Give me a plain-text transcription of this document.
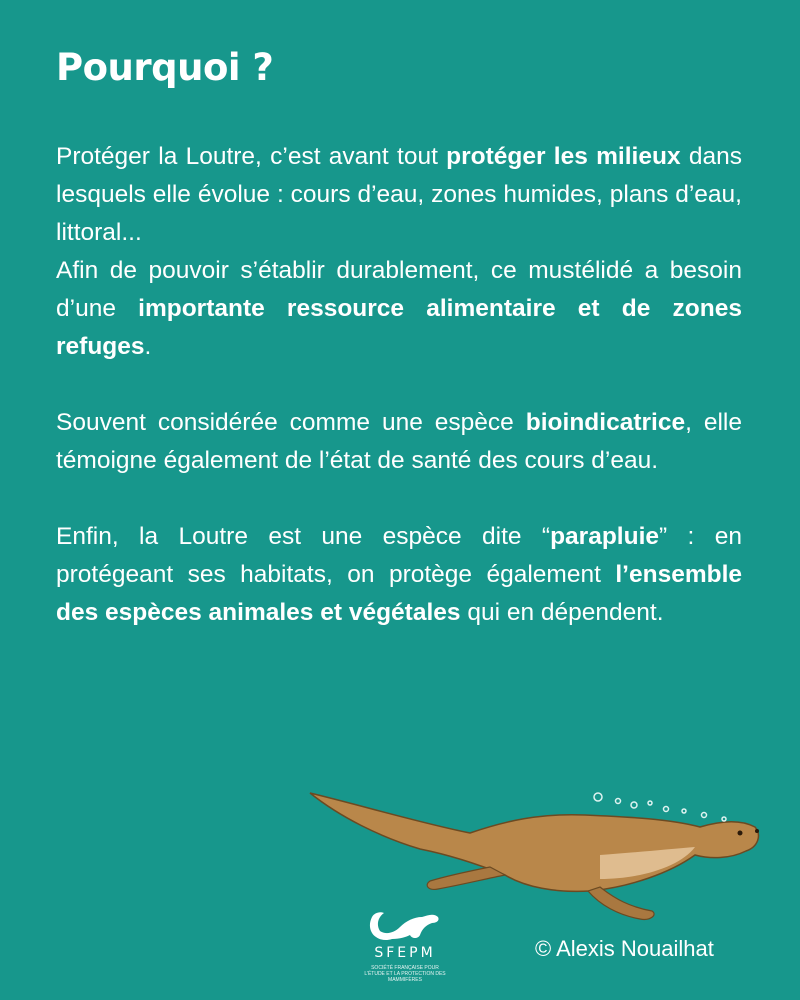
Pourquoi ?

Protéger la Loutre, c’est avant tout protéger les milieux dans lesquels elle évolue : cours d’eau, zones humides, plans d’eau, littoral...
Afin de pouvoir s’établir durablement, ce mustélidé a besoin d’une importante ressource alimentaire et de zones refuges.

Souvent considérée comme une espèce bioindicatrice, elle témoigne également de l’état de santé des cours d’eau.

Enfin, la Loutre est une espèce dite “parapluie” : en protégeant ses habitats, on protège également l’ensemble des espèces animales et végétales qui en dépendent.

SFEPM
SOCIÉTÉ FRANÇAISE POUR L’ÉTUDE ET LA PROTECTION DES MAMMIFÈRES
© Alexis Nouailhat
